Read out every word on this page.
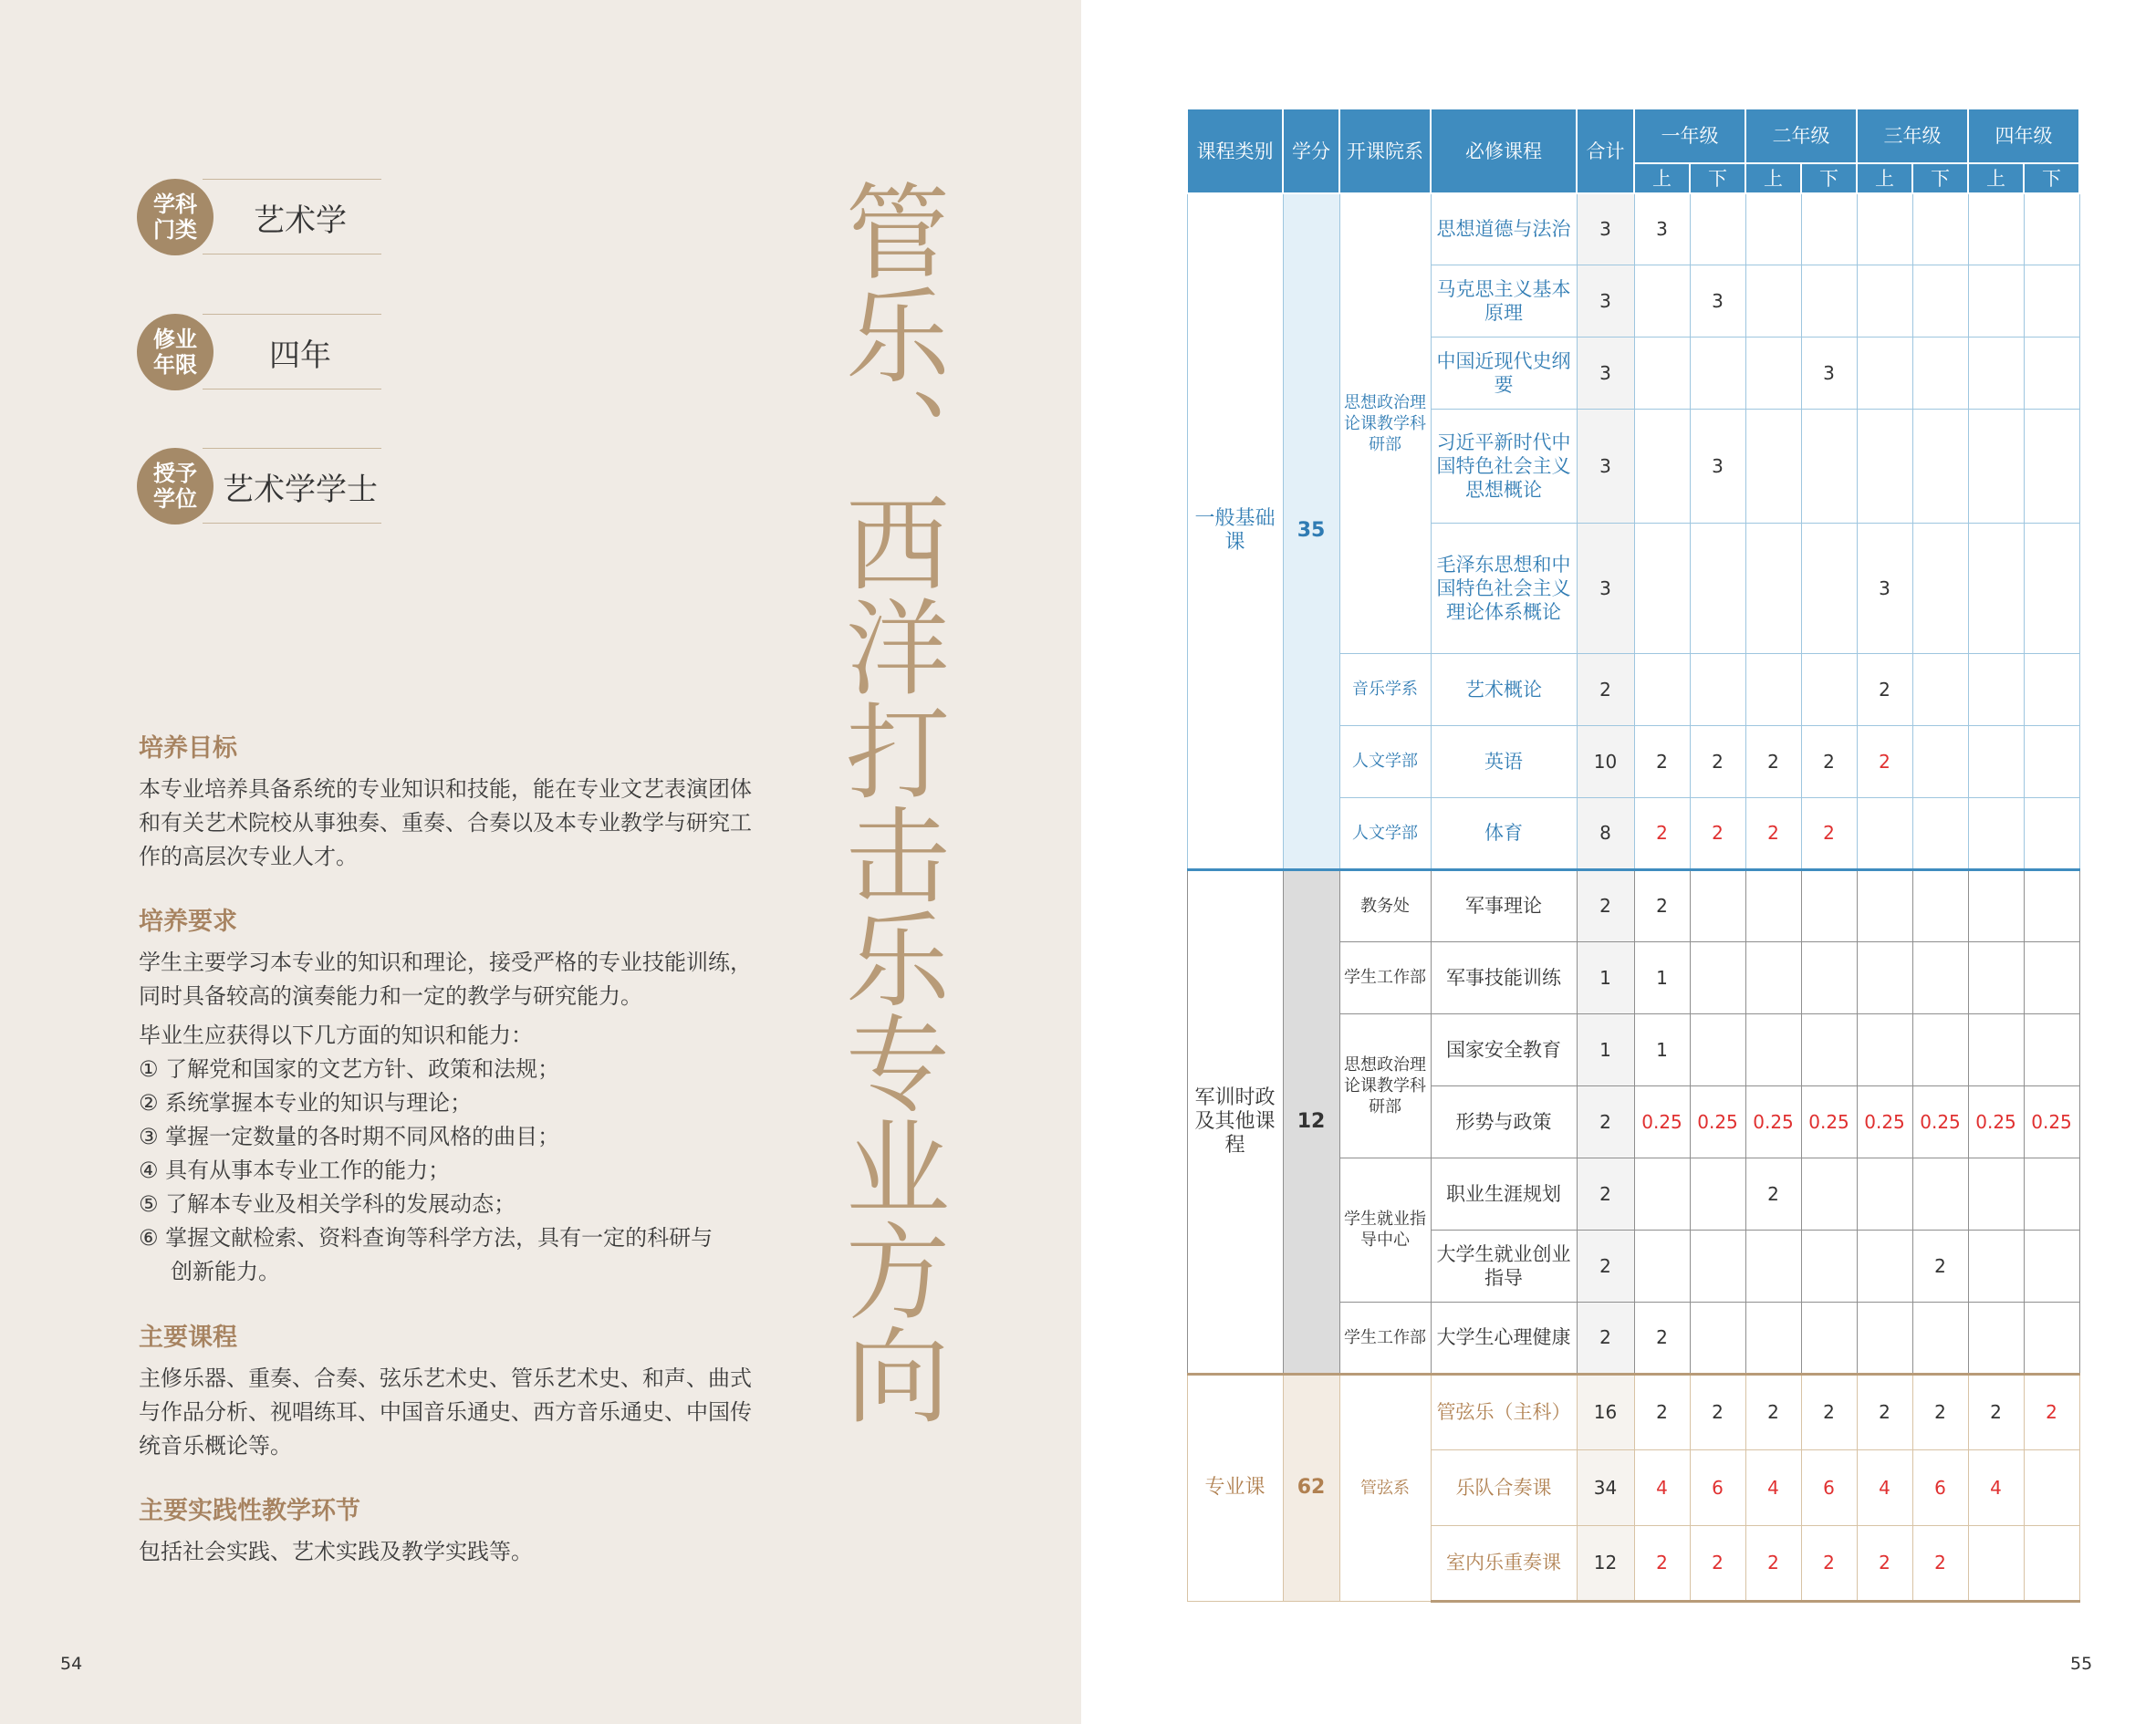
学科门类	艺术学
修业年限	四年
授予学位 艺术学学士	管乐、西洋打击乐专业方向
培养目标

本专业培养具备系统的专业知识和技能，能在专业文艺表演团体和有关艺术院校从事独奏、重奏、合奏以及本专业教学与研究工作的高层次专业人才。

培养要求

学生主要学习本专业的知识和理论，接受严格的专业技能训练，同时具备较高的演奏能力和一定的教学与研究能力。

毕业生应获得以下几方面的知识和能力：

① 了解党和国家的文艺方针、政策和法规；

② 系统掌握本专业的知识与理论；

③ 掌握一定数量的各时期不同风格的曲目；

④ 具有从事本专业工作的能力；

⑤ 了解本专业及相关学科的发展动态；

⑥ 掌握文献检索、资料查询等科学方法，具有一定的科研与

创新能力。

主要课程

主修乐器、重奏、合奏、弦乐艺术史、管乐艺术史、和声、曲式与作品分析、视唱练耳、中国音乐通史、西方音乐通史、中国传统音乐概论等。

主要实践性教学环节

包括社会实践、艺术实践及教学实践等。

54	55
课程类别	学分	开课院系	必修课程	合计	一年级		二年级		三年级		四年级	
					上	下	上	下	上	下	上	下
一般基础课	35	思想政治理论课教学科研部	思想道德与法治	3	3							
			马克思主义基本原理	3		3						
			中国近现代史纲要	3				3				
			习近平新时代中国特色社会主义思想概论	3		3						
			毛泽东思想和中国特色社会主义理论体系概论	3					3			
		音乐学系	艺术概论	2					2			
		人文学部	英语	10	2	2	2	2	2			
		人文学部	体育	8	2	2	2	2				
军训时政及其他课程	12	教务处	军事理论	2	2							
		学生工作部	军事技能训练	1	1							
		思想政治理论课教学科研部	国家安全教育	1	1							
			形势与政策	2	0.25	0.25	0.25	0.25	0.25	0.25	0.25	0.25
		学生就业指导中心	职业生涯规划	2			2					
			大学生就业创业指导	2						2		
		学生工作部	大学生心理健康	2	2							
专业课	62	管弦系	管弦乐（主科）	16	2	2	2	2	2	2	2	2
			乐队合奏课	34	4	6	4	6	4	6	4	
			室内乐重奏课	12	2	2	2	2	2	2		
